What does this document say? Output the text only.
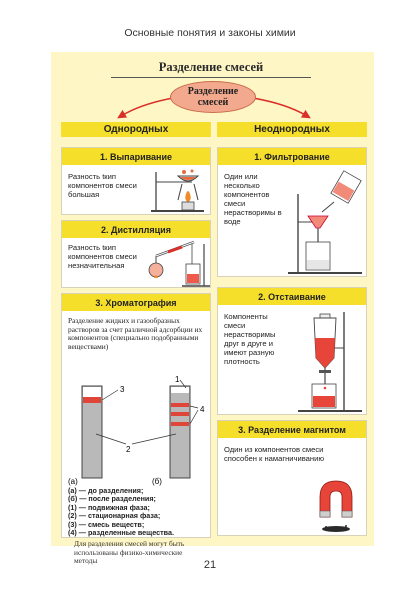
Основные понятия и законы химии
Разделение смесей
Разделение смесей
Однородных	Неоднородных
1. Выпаривание
Разность tкип компонентов смеси большая
2. Дистилляция
Разность tкип компонентов смеси незначительная
3. Хроматография
Разделение жидких и газообразных растворов за счет различной адсорбции их компонентов (специально подобранными веществами)
3
2
4
1
(а)	(б)
(а) — до разделения;
(б) — после разделения;
(1) — подвижная фаза;
(2) — стационарная фаза;
(3) — смесь веществ;
(4) — разделенные вещества.
Для разделения смесей могут быть использованы физико-химические методы
1. Фильтрование
Один или несколько компонентов смеси нерастворимы в воде
2. Отстаивание
Компоненты смеси нерастворимы друг в друге и имеют разную плотность
3. Разделение магнитом
Один из компонентов смеси способен к намагничиванию
21
